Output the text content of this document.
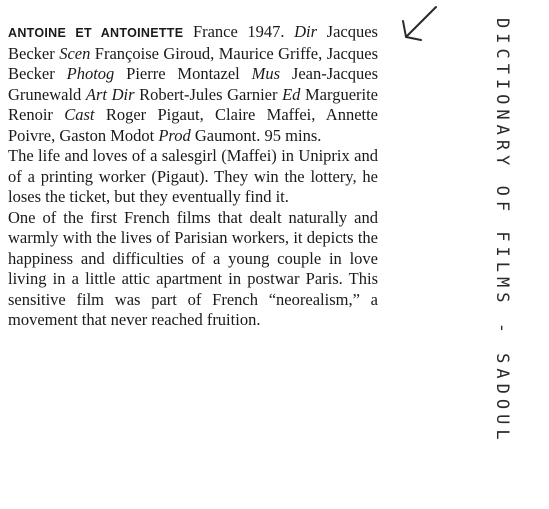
ANTOINE ET ANTOINETTE France 1947. Dir Jacques Becker Scen Françoise Giroud, Maurice Griffe, Jacques Becker Photog Pierre Montazel Mus Jean-Jacques Grunewald Art Dir Robert-Jules Garnier Ed Marguerite Renoir Cast Roger Pigaut, Claire Maffei, Annette Poivre, Gaston Modot Prod Gaumont. 95 mins.

The life and loves of a salesgirl (Maffei) in Uniprix and of a printing worker (Pigaut). They win the lottery, he loses the ticket, but they eventually find it.

One of the first French films that dealt naturally and warmly with the lives of Parisian workers, it depicts the happiness and difficulties of a young couple in love living in a little attic apartment in postwar Paris. This sensitive film was part of French “neorealism,” a movement that never reached fruition.	DICTIONARY OF FILMS - SADOUL
